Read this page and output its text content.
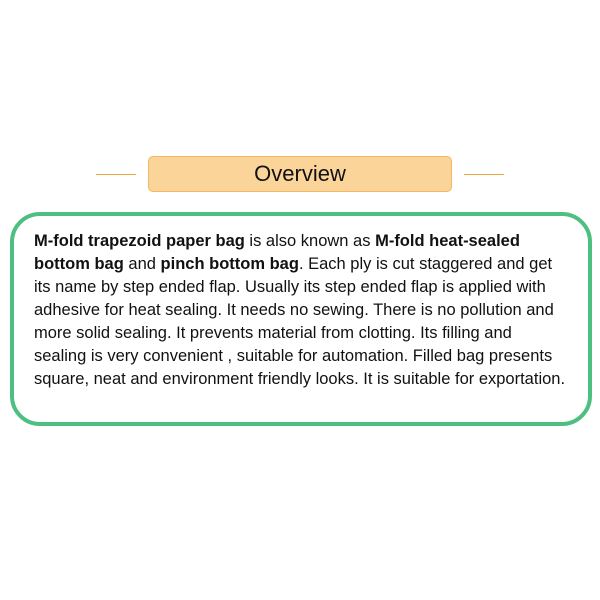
Overview

M-fold trapezoid paper bag is also known as M-fold heat-sealed bottom bag and pinch bottom bag. Each ply is cut staggered and get its name by step ended flap. Usually its step ended flap is applied with adhesive for heat sealing. It needs no sewing. There is no pollution and more solid sealing. It prevents material from clotting. Its filling and sealing is very convenient , suitable for automation. Filled bag presents square, neat and environment friendly looks. It is suitable for exportation.
